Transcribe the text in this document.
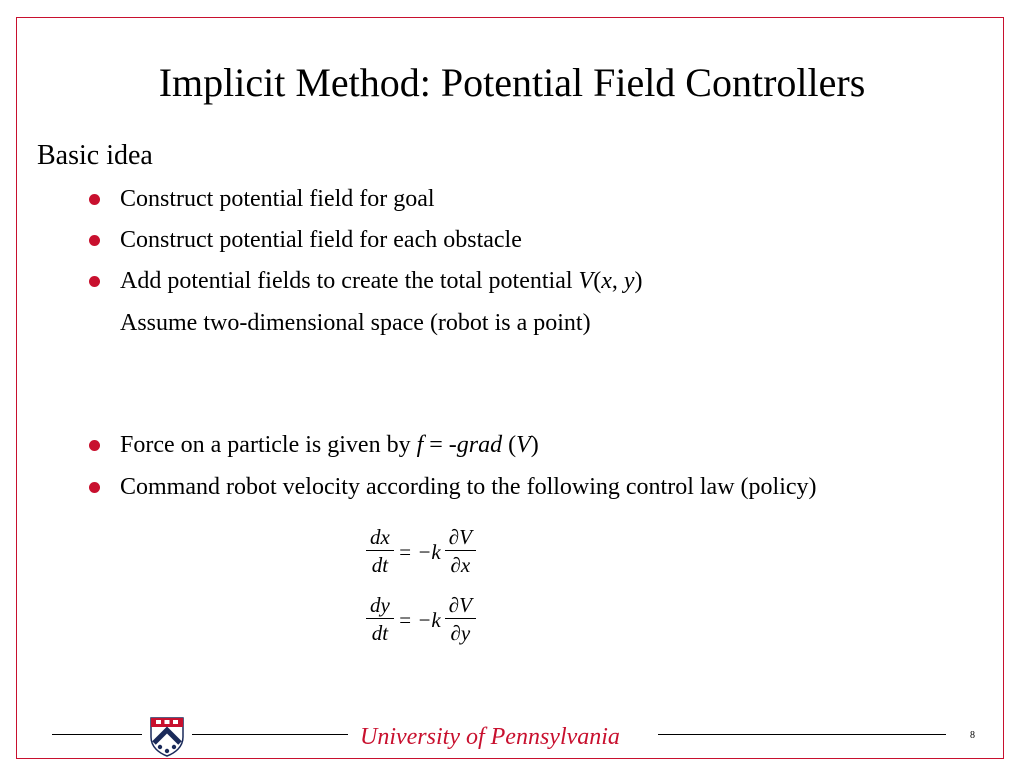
Implicit Method: Potential Field Controllers
Basic idea
Construct potential field for goal
Construct potential field for each obstacle
Add potential fields to create the total potential V(x, y)
Assume two-dimensional space (robot is a point)
Force on a particle is given by f = -grad (V)
Command robot velocity according to the following control law (policy)
$\frac{dx}{dt} = -k \frac{\partial V}{\partial x}$
$\frac{dy}{dt} = -k \frac{\partial V}{\partial y}$
University of Pennsylvania	8
